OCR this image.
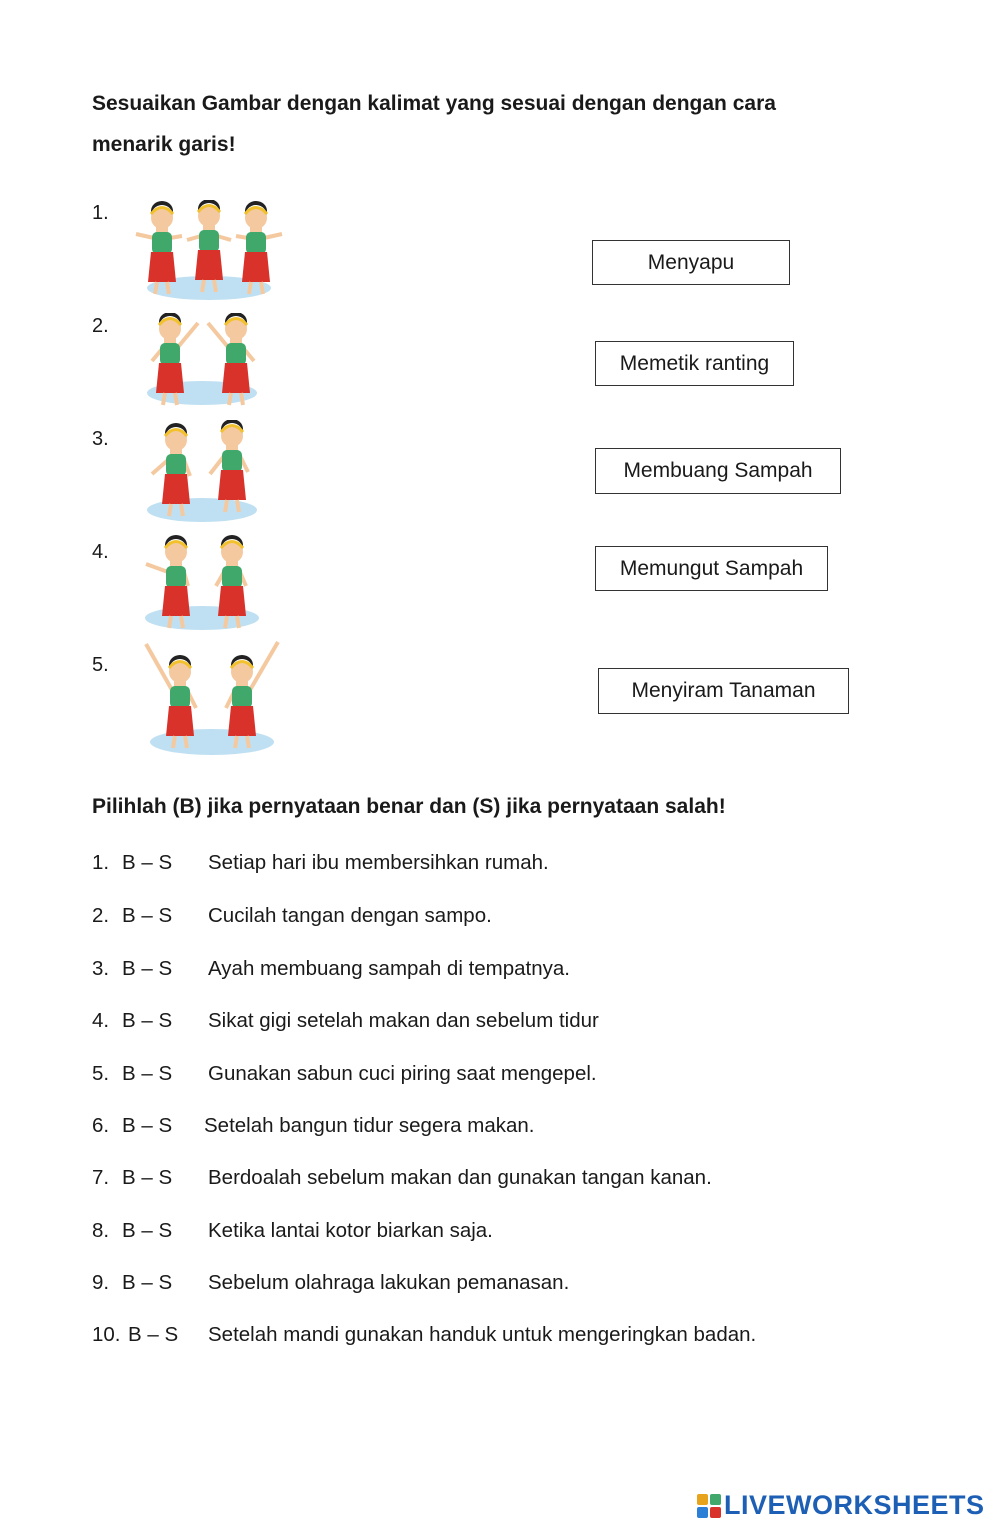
Sesuaikan Gambar dengan kalimat yang sesuai dengan dengan cara
menarik garis!
1.
2.
3.
4.
5.
Menyapu
Memetik ranting
Membuang Sampah
Memungut Sampah
Menyiram Tanaman
Pilihlah (B) jika pernyataan benar dan (S) jika pernyataan salah!
1. B – S	Setiap hari ibu membersihkan rumah.
2. B – S	Cucilah tangan dengan sampo.
3. B – S	Ayah membuang sampah di tempatnya.
4. B – S	Sikat gigi setelah makan dan sebelum tidur
5. B – S	Gunakan sabun cuci piring saat mengepel.
6. B – S	Setelah bangun tidur segera makan.
7. B – S	Berdoalah sebelum makan dan gunakan tangan kanan.
8. B – S	Ketika lantai kotor biarkan saja.
9. B – S	Sebelum olahraga lakukan pemanasan.
10. B – S	Setelah mandi gunakan handuk untuk mengeringkan badan.
LIVEWORKSHEETS
